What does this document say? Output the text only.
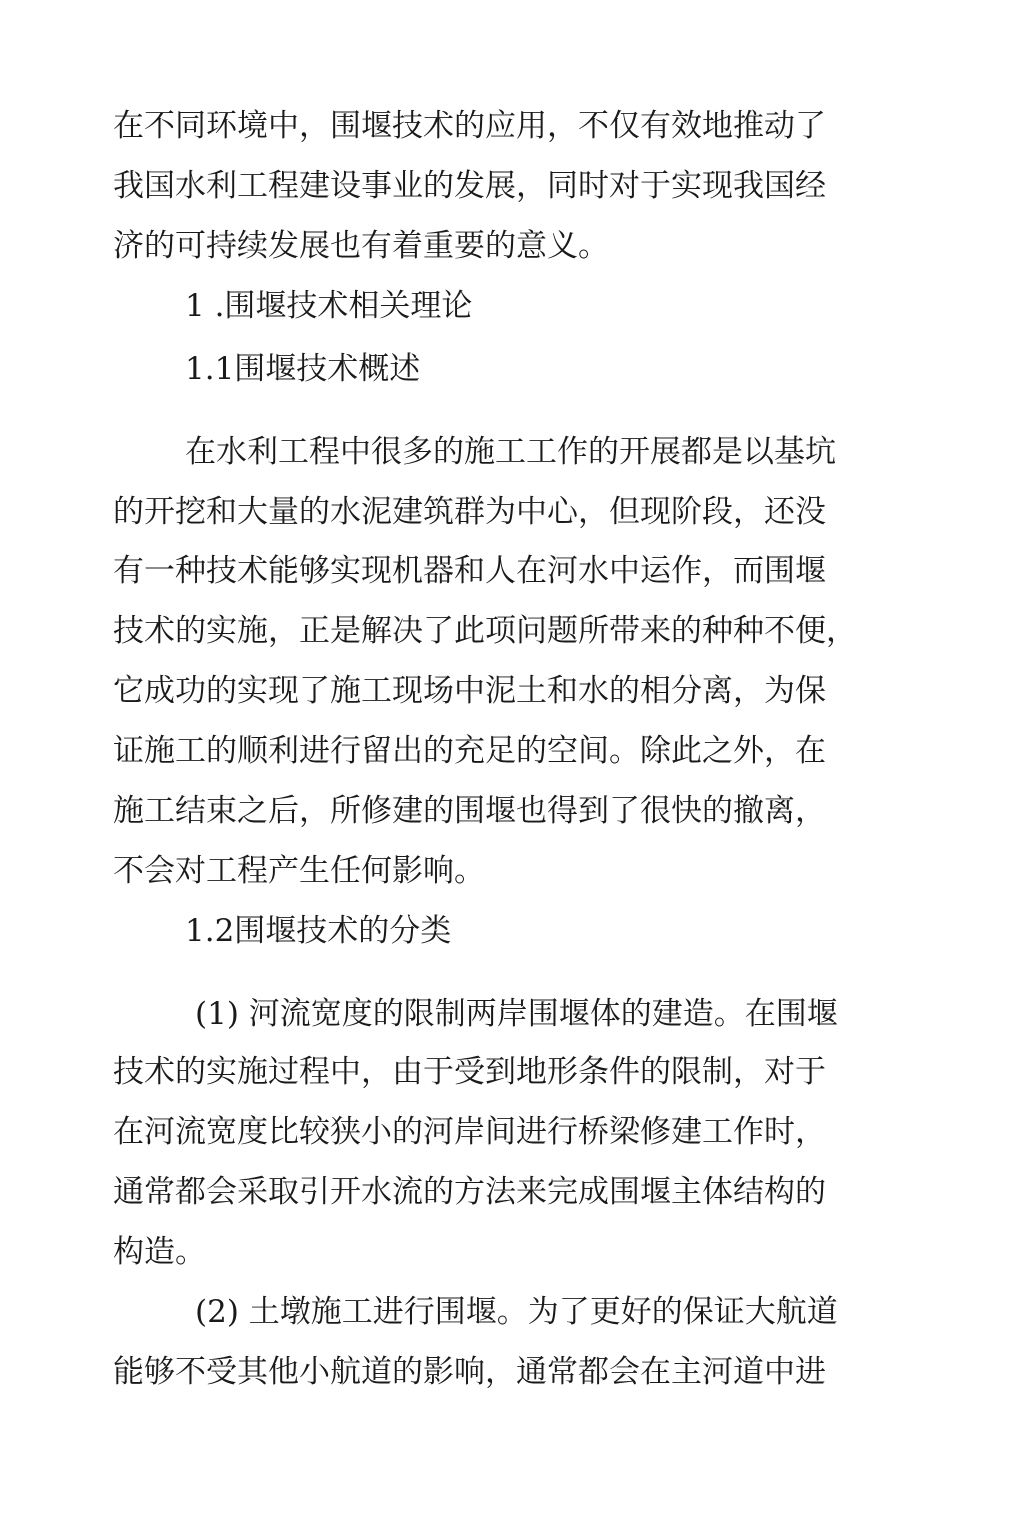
在不同环境中，围堰技术的应用，不仅有效地推动了
我国水利工程建设事业的发展，同时对于实现我国经
济的可持续发展也有着重要的意义。
1 .围堰技术相关理论
1.1围堰技术概述
在水利工程中很多的施工工作的开展都是以基坑
的开挖和大量的水泥建筑群为中心，但现阶段，还没
有一种技术能够实现机器和人在河水中运作，而围堰
技术的实施，正是解决了此项问题所带来的种种不便，
它成功的实现了施工现场中泥土和水的相分离，为保
证施工的顺利进行留出的充足的空间。除此之外，在
施工结束之后，所修建的围堰也得到了很快的撤离，
不会对工程产生任何影响。
1.2围堰技术的分类
(1) 河流宽度的限制两岸围堰体的建造。在围堰
技术的实施过程中，由于受到地形条件的限制，对于
在河流宽度比较狭小的河岸间进行桥梁修建工作时，
通常都会采取引开水流的方法来完成围堰主体结构的
构造。
(2) 土墩施工进行围堰。为了更好的保证大航道
能够不受其他小航道的影响，通常都会在主河道中进
